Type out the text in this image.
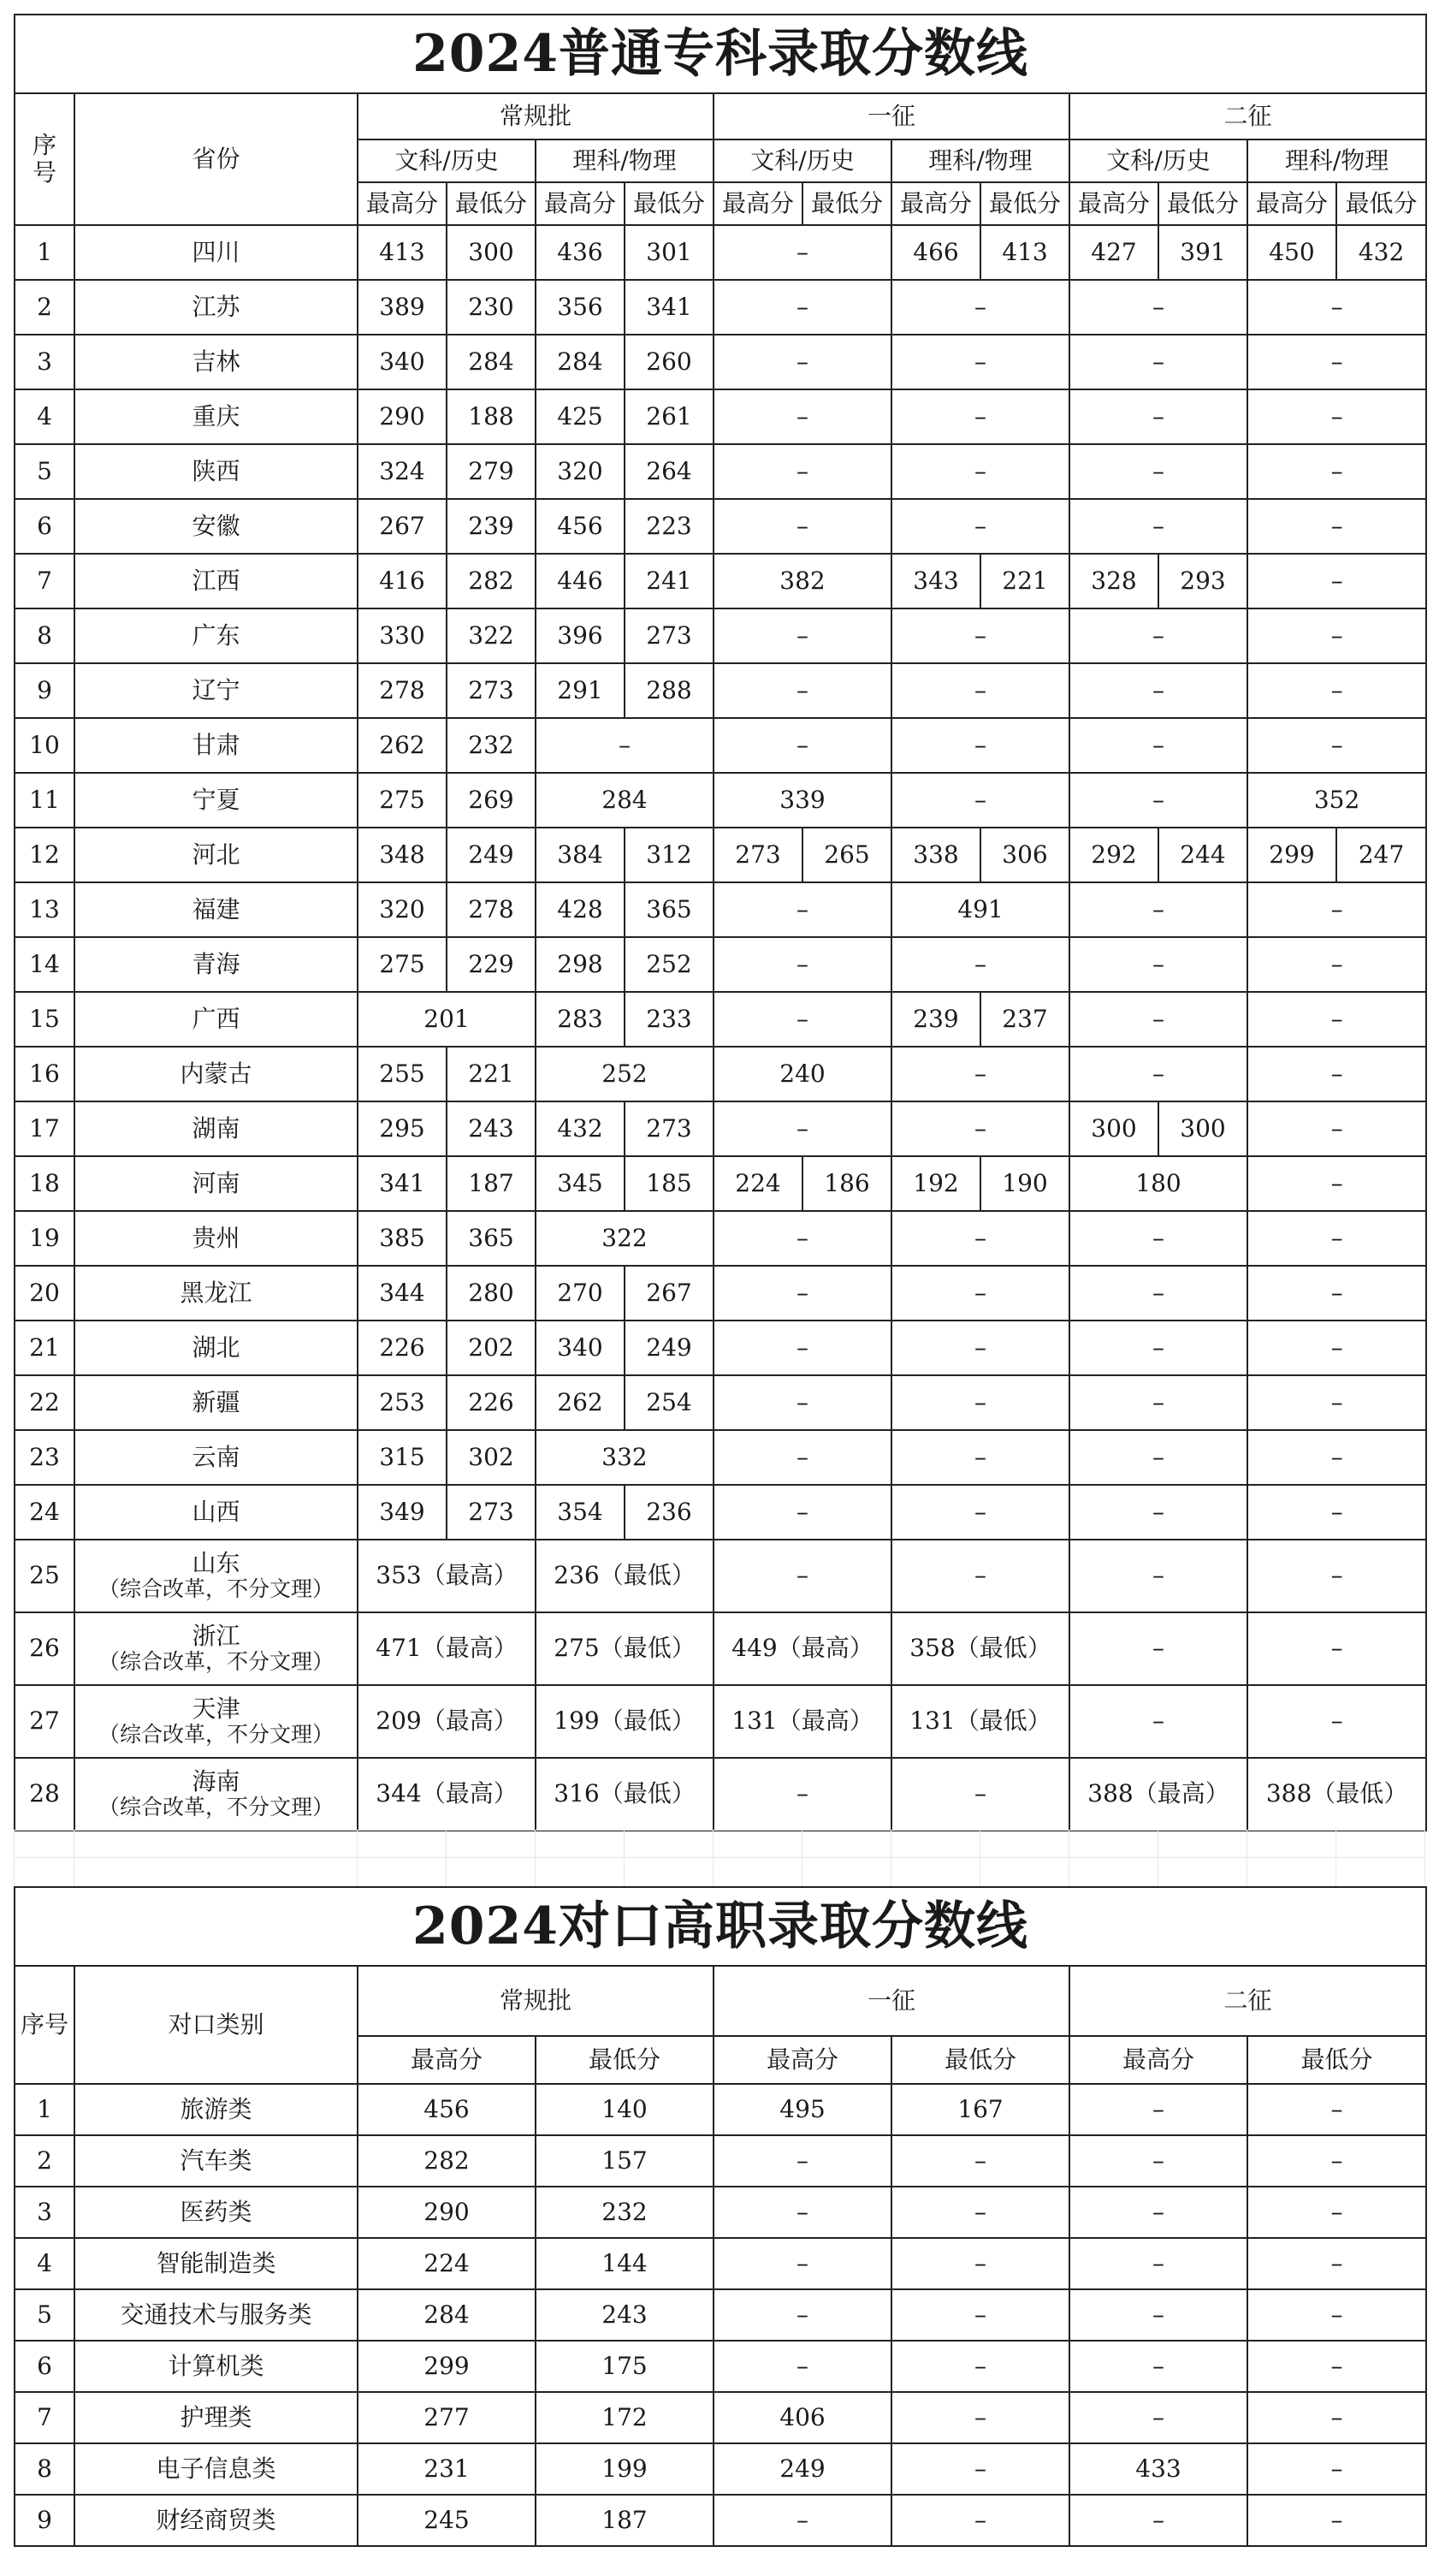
2024普通专科录取分数线													
序号	省份	常规批				一征				二征			
		文科/历史		理科/物理		文科/历史		理科/物理		文科/历史		理科/物理	
		最高分	最低分	最高分	最低分	最高分	最低分	最高分	最低分	最高分	最低分	最高分	最低分
1	四川	413	300	436	301	–		466	413	427	391	450	432
2	江苏	389	230	356	341	–		–		–		–	
3	吉林	340	284	284	260	–		–		–		–	
4	重庆	290	188	425	261	–		–		–		–	
5	陕西	324	279	320	264	–		–		–		–	
6	安徽	267	239	456	223	–		–		–		–	
7	江西	416	282	446	241	382		343	221	328	293	–	
8	广东	330	322	396	273	–		–		–		–	
9	辽宁	278	273	291	288	–		–		–		–	
10	甘肃	262	232	–		–		–		–		–	
11	宁夏	275	269	284		339		–		–		352	
12	河北	348	249	384	312	273	265	338	306	292	244	299	247
13	福建	320	278	428	365	–		491		–		–	
14	青海	275	229	298	252	–		–		–		–	
15	广西	201		283	233	–		239	237	–		–	
16	内蒙古	255	221	252		240		–		–		–	
17	湖南	295	243	432	273	–		–		300	300	–	
18	河南	341	187	345	185	224	186	192	190	180		–	
19	贵州	385	365	322		–		–		–		–	
20	黑龙江	344	280	270	267	–		–		–		–	
21	湖北	226	202	340	249	–		–		–		–	
22	新疆	253	226	262	254	–		–		–		–	
23	云南	315	302	332		–		–		–		–	
24	山西	349	273	354	236	–		–		–		–	
25	山东
（综合改革，不分文理）	353（最高）		236（最低）		–		–		–		–	
26	浙江
（综合改革，不分文理）	471（最高）		275（最低）		449（最高）		358（最低）		–		–	
27	天津
（综合改革，不分文理）	209（最高）		199（最低）		131（最高）		131（最低）		–		–	
28	海南
（综合改革，不分文理）	344（最高）		316（最低）		–		–		388（最高）		388（最低）	
2024对口高职录取分数线							
序号	对口类别	常规批		一征		二征	
		最高分	最低分	最高分	最低分	最高分	最低分
1	旅游类	456	140	495	167	–	–
2	汽车类	282	157	–	–	–	–
3	医药类	290	232	–	–	–	–
4	智能制造类	224	144	–	–	–	–
5	交通技术与服务类	284	243	–	–	–	–
6	计算机类	299	175	–	–	–	–
7	护理类	277	172	406	–	–	–
8	电子信息类	231	199	249	–	433	–
9	财经商贸类	245	187	–	–	–	–
